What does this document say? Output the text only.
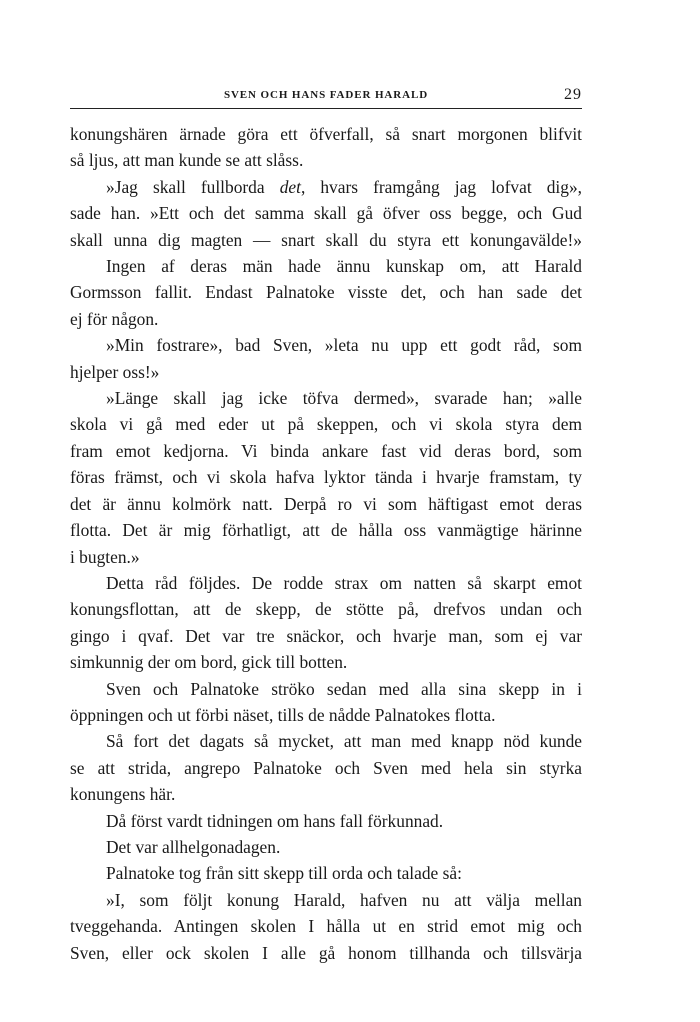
SVEN OCH HANS FADER HARALD	29
konungshären ärnade göra ett öfverfall, så snart morgonen blifvit
så ljus, att man kunde se att slåss.
»Jag skall fullborda det, hvars framgång jag lofvat dig»,
sade han. »Ett och det samma skall gå öfver oss begge, och Gud
skall unna dig magten — snart skall du styra ett konungavälde!»
Ingen af deras män hade ännu kunskap om, att Harald
Gormsson fallit. Endast Palnatoke visste det, och han sade det
ej för någon.
»Min fostrare», bad Sven, »leta nu upp ett godt råd, som
hjelper oss!»
»Länge skall jag icke töfva dermed», svarade han; »alle
skola vi gå med eder ut på skeppen, och vi skola styra dem
fram emot kedjorna. Vi binda ankare fast vid deras bord, som
föras främst, och vi skola hafva lyktor tända i hvarje framstam, ty
det är ännu kolmörk natt. Derpå ro vi som häftigast emot deras
flotta. Det är mig förhatligt, att de hålla oss vanmägtige härinne
i bugten.»
Detta råd följdes. De rodde strax om natten så skarpt emot
konungsflottan, att de skepp, de stötte på, drefvos undan och
gingo i qvaf. Det var tre snäckor, och hvarje man, som ej var
simkunnig der om bord, gick till botten.
Sven och Palnatoke ströko sedan med alla sina skepp in i
öppningen och ut förbi näset, tills de nådde Palnatokes flotta.
Så fort det dagats så mycket, att man med knapp nöd kunde
se att strida, angrepo Palnatoke och Sven med hela sin styrka
konungens här.
Då först vardt tidningen om hans fall förkunnad.
Det var allhelgonadagen.
Palnatoke tog från sitt skepp till orda och talade så:
»I, som följt konung Harald, hafven nu att välja mellan
tveggehanda. Antingen skolen I hålla ut en strid emot mig och
Sven, eller ock skolen I alle gå honom tillhanda och tillsvärja
